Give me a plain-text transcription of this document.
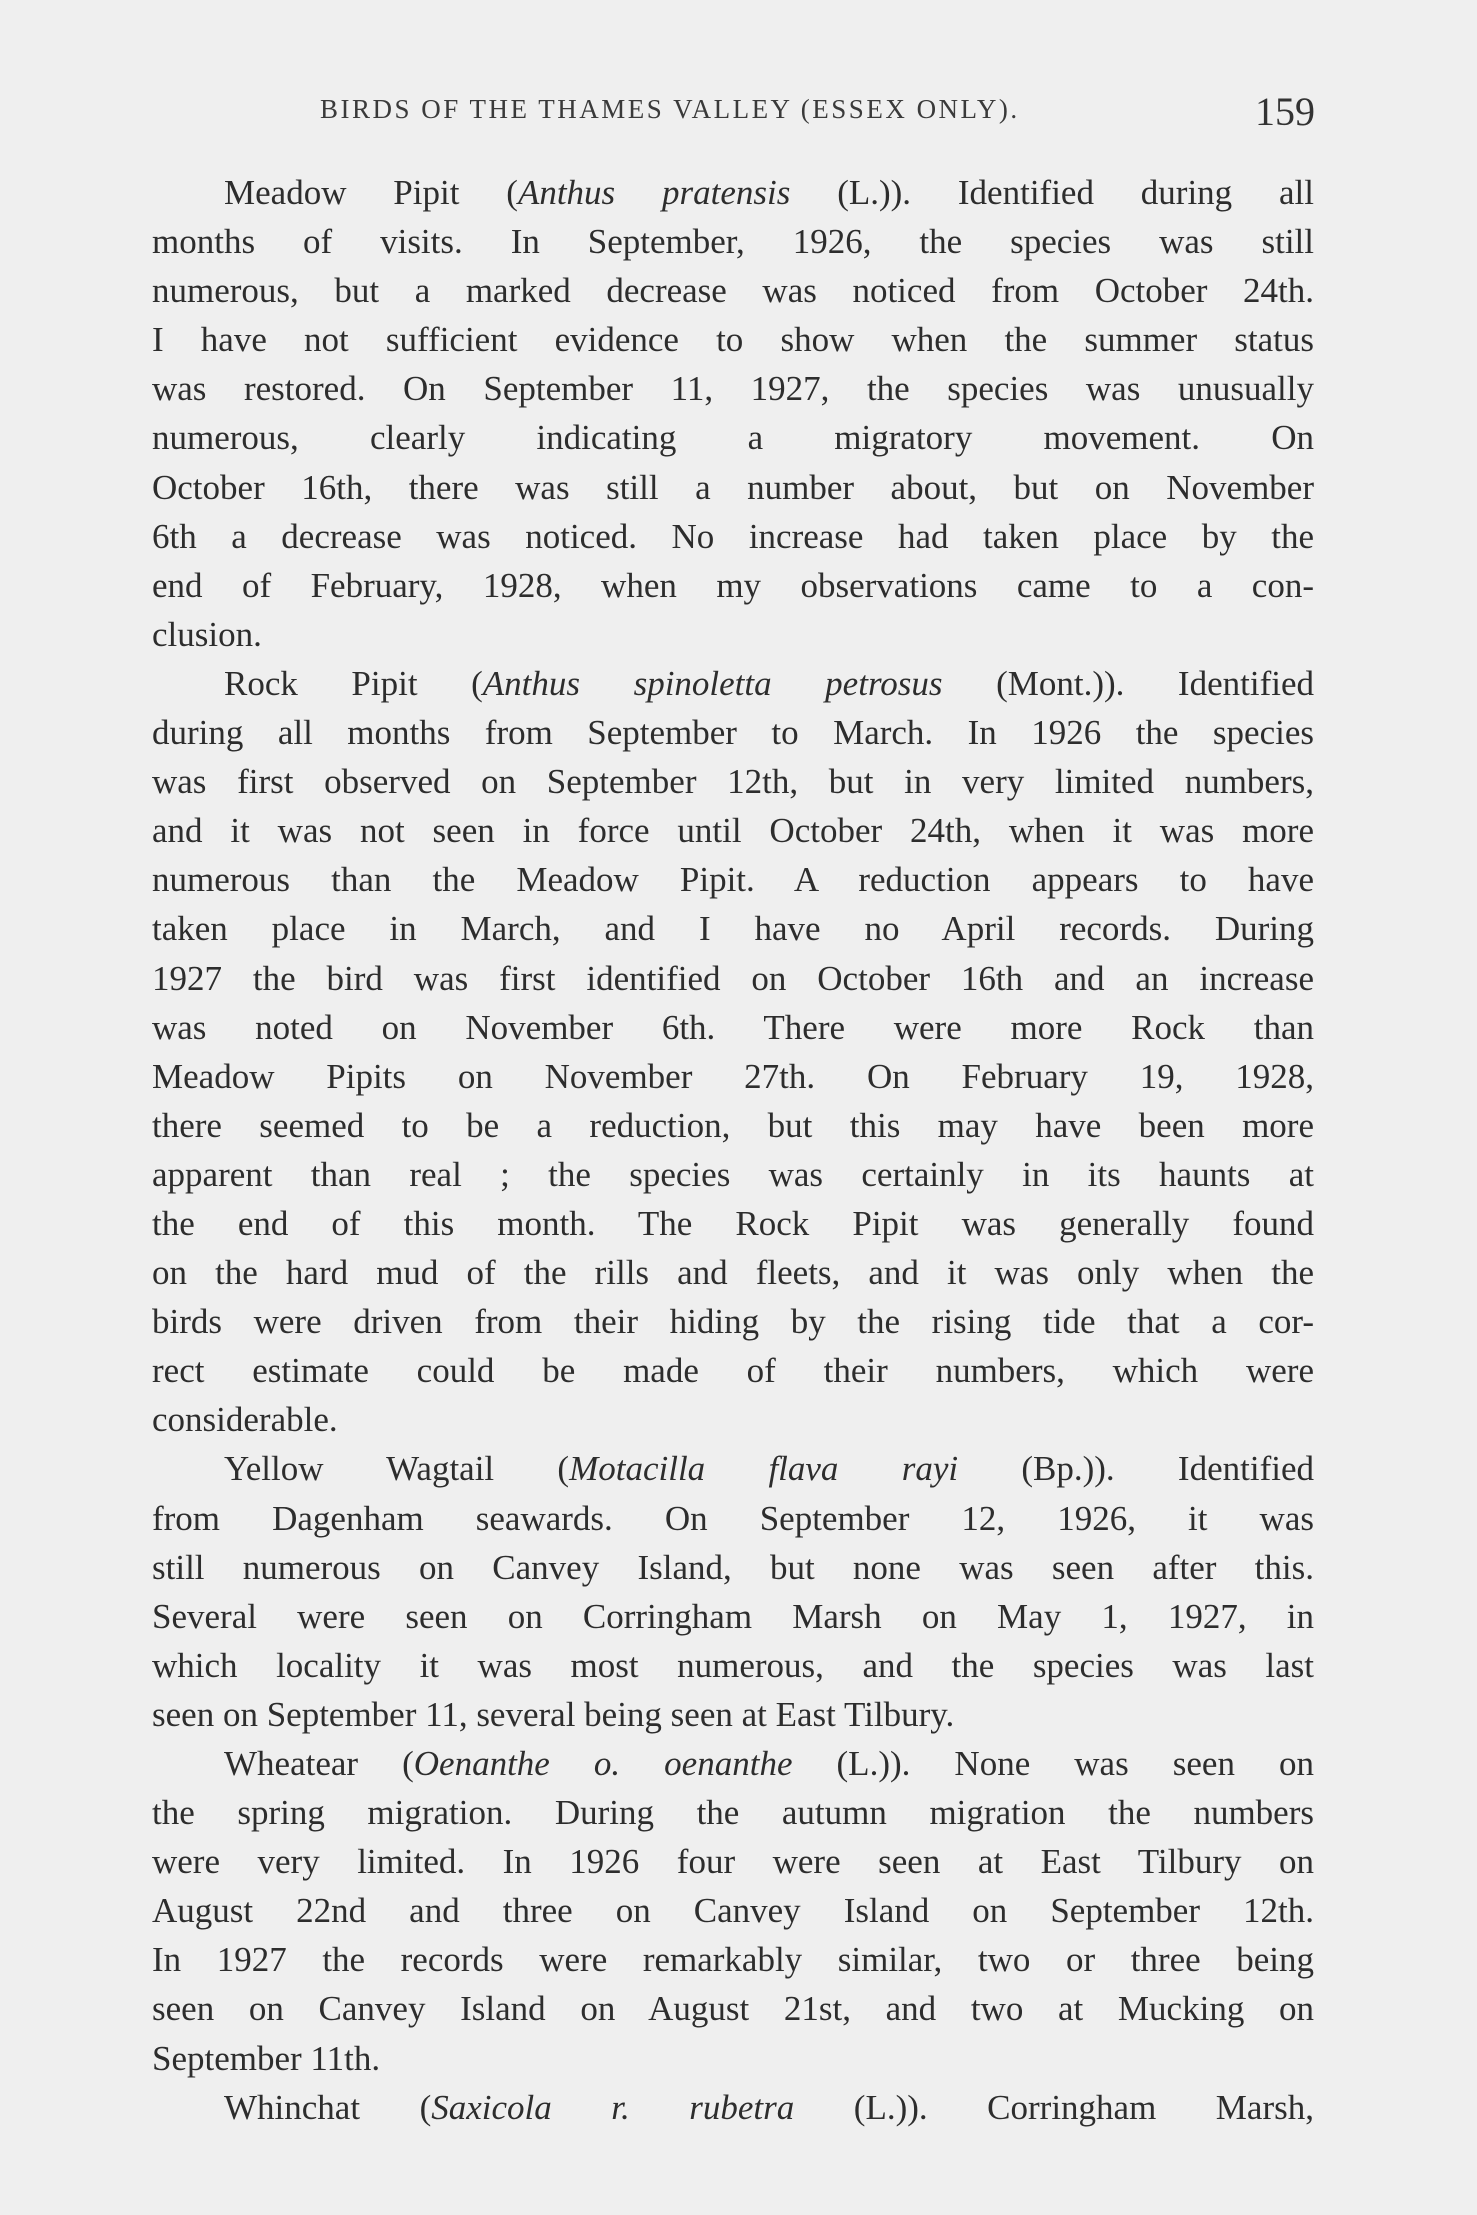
BIRDS OF THE THAMES VALLEY (ESSEX ONLY).	159
Meadow Pipit (Anthus pratensis (L.)). Identified during all
months of visits. In September, 1926, the species was still
numerous, but a marked decrease was noticed from October 24th.
I have not sufficient evidence to show when the summer status
was restored. On September 11, 1927, the species was unusually
numerous, clearly indicating a migratory movement. On
October 16th, there was still a number about, but on November
6th a decrease was noticed. No increase had taken place by the
end of February, 1928, when my observations came to a con-
clusion.
Rock Pipit (Anthus spinoletta petrosus (Mont.)). Identified
during all months from September to March. In 1926 the species
was first observed on September 12th, but in very limited numbers,
and it was not seen in force until October 24th, when it was more
numerous than the Meadow Pipit. A reduction appears to have
taken place in March, and I have no April records. During
1927 the bird was first identified on October 16th and an increase
was noted on November 6th. There were more Rock than
Meadow Pipits on November 27th. On February 19, 1928,
there seemed to be a reduction, but this may have been more
apparent than real ; the species was certainly in its haunts at
the end of this month. The Rock Pipit was generally found
on the hard mud of the rills and fleets, and it was only when the
birds were driven from their hiding by the rising tide that a cor-
rect estimate could be made of their numbers, which were
considerable.
Yellow Wagtail (Motacilla flava rayi (Bp.)). Identified
from Dagenham seawards. On September 12, 1926, it was
still numerous on Canvey Island, but none was seen after this.
Several were seen on Corringham Marsh on May 1, 1927, in
which locality it was most numerous, and the species was last
seen on September 11, several being seen at East Tilbury.
Wheatear (Oenanthe o. oenanthe (L.)). None was seen on
the spring migration. During the autumn migration the numbers
were very limited. In 1926 four were seen at East Tilbury on
August 22nd and three on Canvey Island on September 12th.
In 1927 the records were remarkably similar, two or three being
seen on Canvey Island on August 21st, and two at Mucking on
September 11th.
Whinchat (Saxicola r. rubetra (L.)). Corringham Marsh,
